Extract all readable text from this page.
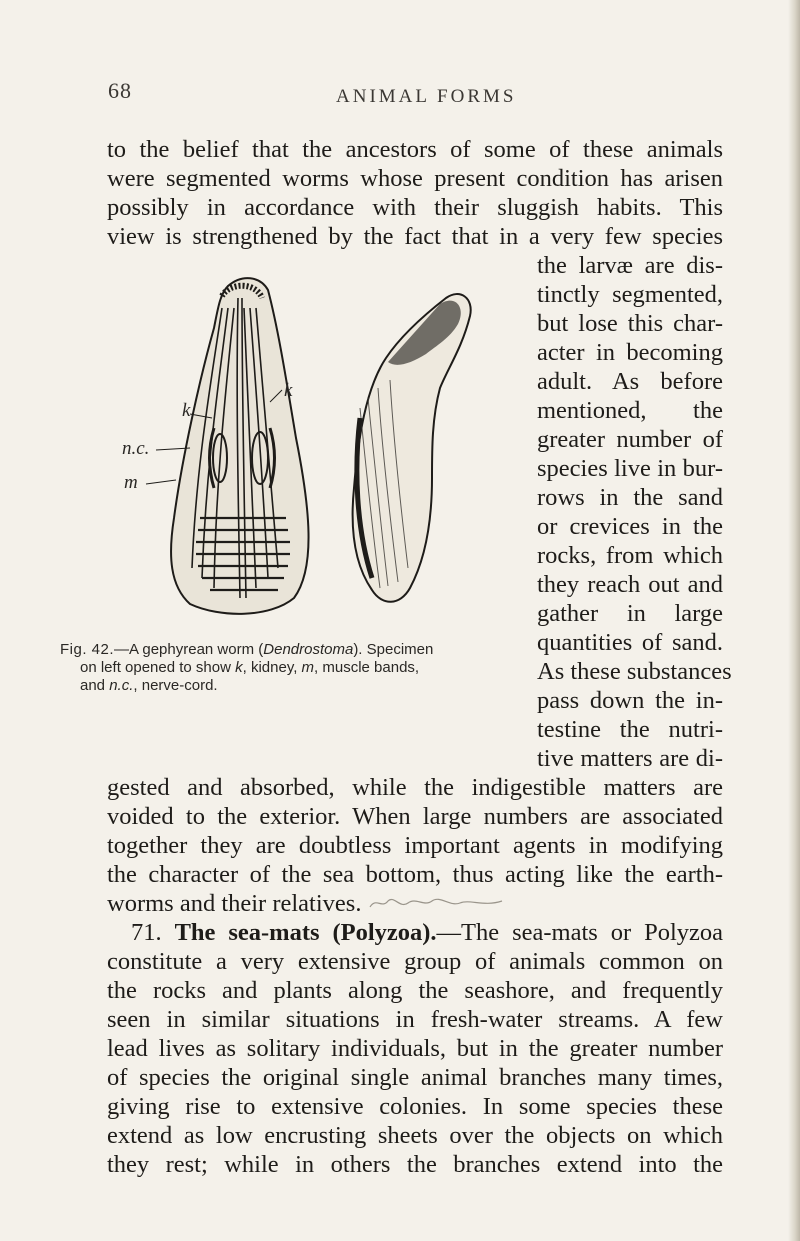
68	ANIMAL FORMS
to the belief that the ancestors of some of these animals
were segmented worms whose present condition has arisen
possibly in accordance with their sluggish habits. This
view is strengthened by the fact that in a very few species
the larvæ are dis-
tinctly segmented,
but lose this char-
acter in becoming
adult. As before
mentioned, the
greater number of
species live in bur-
rows in the sand
or crevices in the
rocks, from which
they reach out and
gather in large
quantities of sand.
As these substances
pass down the in-
testine the nutri-
tive matters are di-
k
k
n.c.
m
Fig. 42.—A gephyrean worm (Dendrostoma). Specimen
on left opened to show k, kidney, m, muscle bands,
and n.c., nerve-cord.
gested and absorbed, while the indigestible matters are
voided to the exterior. When large numbers are associated
together they are doubtless important agents in modifying
the character of the sea bottom, thus acting like the earth-
worms and their relatives.
71. The sea-mats (Polyzoa).—The sea-mats or Polyzoa
constitute a very extensive group of animals common on
the rocks and plants along the seashore, and frequently
seen in similar situations in fresh-water streams. A few
lead lives as solitary individuals, but in the greater number
of species the original single animal branches many times,
giving rise to extensive colonies. In some species these
extend as low encrusting sheets over the objects on which
they rest; while in others the branches extend into the
